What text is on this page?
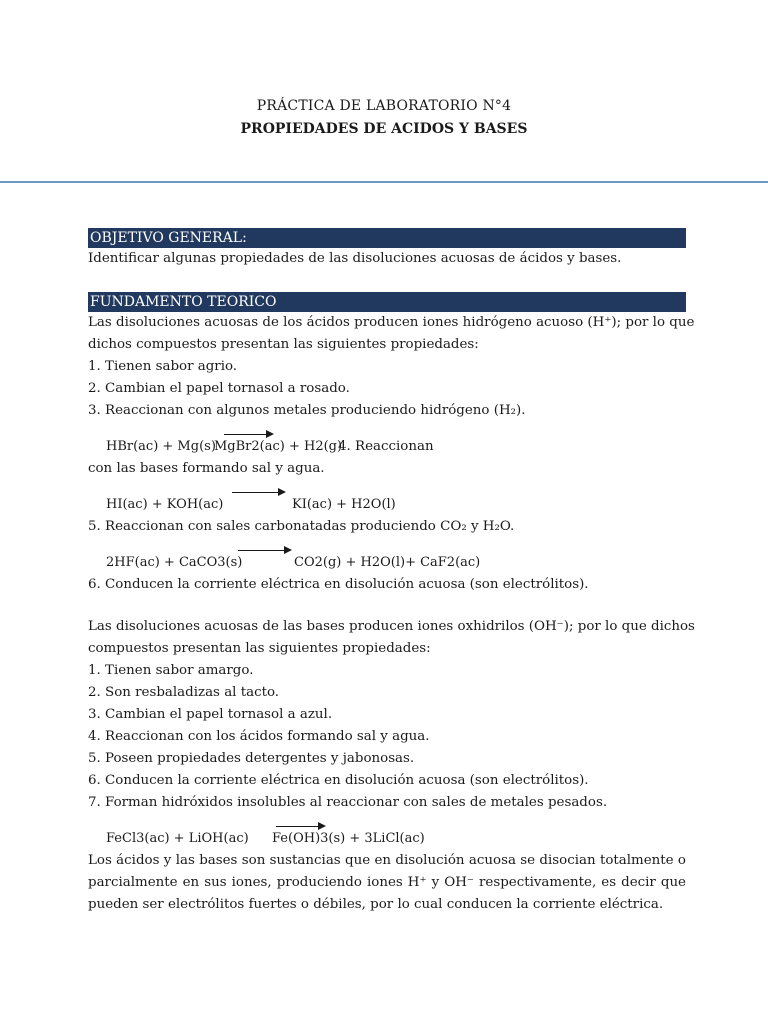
PRÁCTICA DE LABORATORIO N°4
PROPIEDADES DE ACIDOS Y BASES
OBJETIVO GENERAL:

Identificar algunas propiedades de las disoluciones acuosas de ácidos y bases.

FUNDAMENTO TEORICO

Las disoluciones acuosas de los ácidos producen iones hidrógeno acuoso (H⁺); por lo que

dichos compuestos presentan las siguientes propiedades:

1. Tienen sabor agrio.

2. Cambian el papel tornasol a rosado.

3. Reaccionan con algunos metales produciendo hidrógeno (H₂).

HBr(ac) + Mg(s)
MgBr2(ac) + H2(g)
4. Reaccionan

con las bases formando sal y agua.

HI(ac) + KOH(ac)	KI(ac) + H2O(l)

5. Reaccionan con sales carbonatadas produciendo CO₂ y H₂O.

2HF(ac) + CaCO3(s)	CO2(g) + H2O(l)+ CaF2(ac)

6. Conducen la corriente eléctrica en disolución acuosa (son electrólitos).

Las disoluciones acuosas de las bases producen iones oxhidrilos (OH⁻); por lo que dichos

compuestos presentan las siguientes propiedades:

1. Tienen sabor amargo.

2. Son resbaladizas al tacto.

3. Cambian el papel tornasol a azul.

4. Reaccionan con los ácidos formando sal y agua.

5. Poseen propiedades detergentes y jabonosas.

6. Conducen la corriente eléctrica en disolución acuosa (son electrólitos).

7. Forman hidróxidos insolubles al reaccionar con sales de metales pesados.

FeCl3(ac) + LiOH(ac) Fe(OH)3(s) + 3LiCl(ac)

Los ácidos y las bases son sustancias que en disolución acuosa se disocian totalmente o parcialmente en sus iones, produciendo iones H⁺ y OH⁻ respectivamente, es decir que pueden ser electrólitos fuertes o débiles, por lo cual conducen la corriente eléctrica.
